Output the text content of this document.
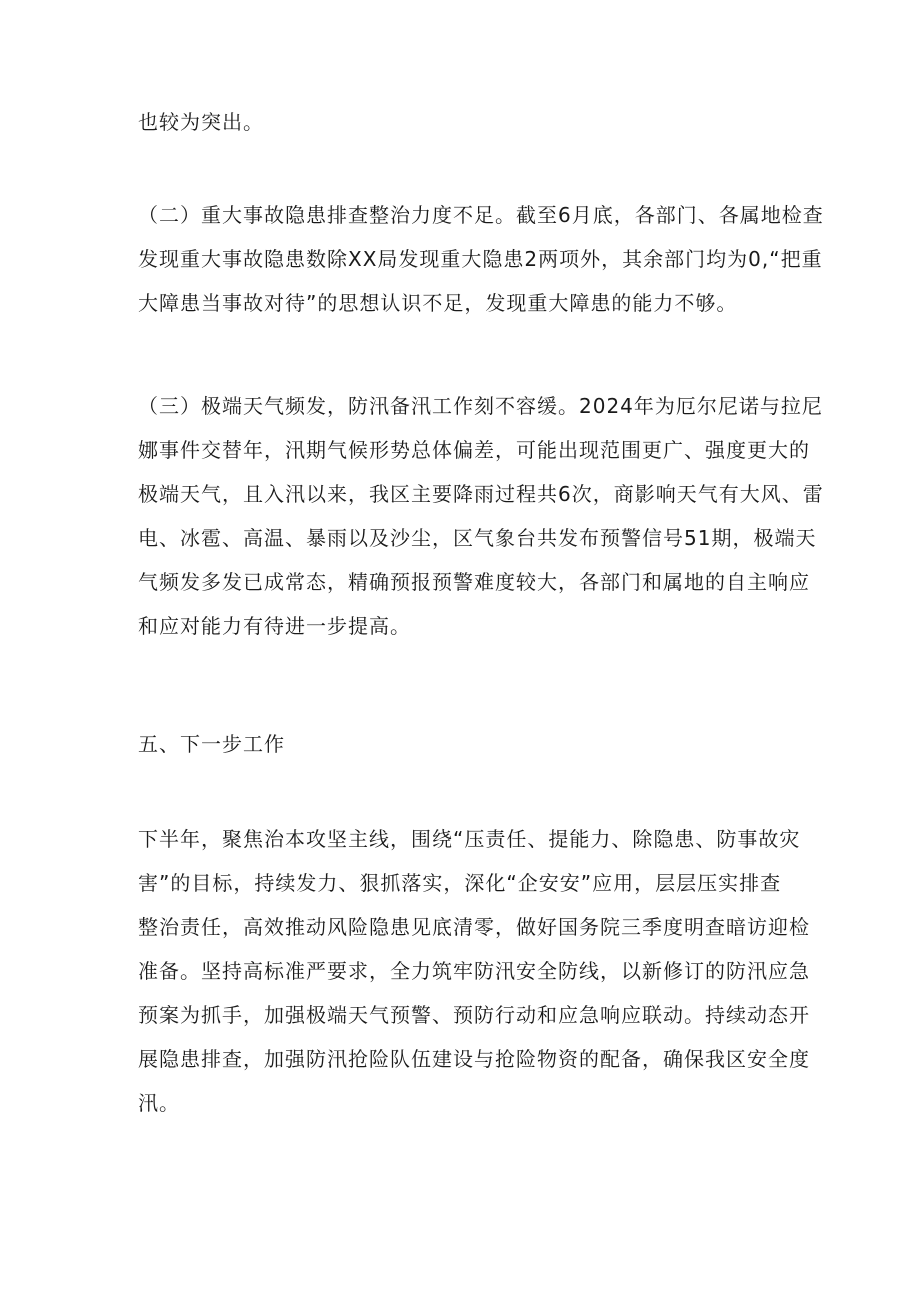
也较为突出。

（二）重大事故隐患排查整治力度不足。截至6月底，各部门、各属地检查
发现重大事故隐患数除XX局发现重大隐患2两项外，其余部门均为0,“把重
大障患当事故对待”的思想认识不足，发现重大障患的能力不够。

（三）极端天气频发，防汛备汛工作刻不容缓。2024年为厄尔尼诺与拉尼
娜事件交替年，汛期气候形势总体偏差，可能出现范围更广、强度更大的
极端天气，且入汛以来，我区主要降雨过程共6次，商影响天气有大风、雷
电、冰雹、高温、暴雨以及沙尘，区气象台共发布预警信号51期，极端天
气频发多发已成常态，精确预报预警难度较大，各部门和属地的自主响应
和应对能力有待进一步提高。

五、下一步工作

下半年，聚焦治本攻坚主线，围绕“压责任、提能力、除隐患、防事故灾
害”的目标，持续发力、狠抓落实，深化“企安安”应用，层层压实排查
整治责任，高效推动风险隐患见底清零，做好国务院三季度明查暗访迎检
准备。坚持高标准严要求，全力筑牢防汛安全防线，以新修订的防汛应急
预案为抓手，加强极端天气预警、预防行动和应急响应联动。持续动态开
展隐患排查，加强防汛抢险队伍建设与抢险物资的配备，确保我区安全度
汛。
